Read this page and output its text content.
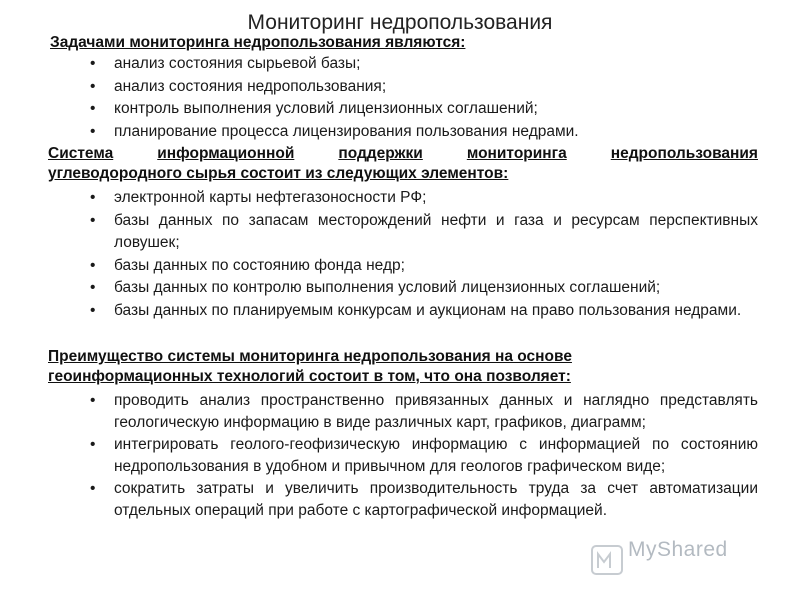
Мониторинг недропользования
Задачами мониторинга недропользования являются:
• анализ состояния сырьевой базы;
• анализ состояния недропользования;
• контроль выполнения условий лицензионных соглашений;
• планирование процесса лицензирования пользования недрами.
Система	информационной	поддержки	мониторинга	недропользования
углеводородного сырья состоит из следующих элементов:
• электронной карты нефтегазоносности РФ;
• базы данных по запасам месторождений нефти и газа и ресурсам перспективных ловушек;
• базы данных по состоянию фонда недр;
• базы данных по контролю выполнения условий лицензионных соглашений;
• базы данных по планируемым конкурсам и аукционам на право пользования недрами.
Преимущество системы мониторинга недропользования на основе
геоинформационных технологий состоит в том, что она позволяет:
• проводить анализ пространственно привязанных данных и наглядно представлять геологическую информацию в виде различных карт, графиков, диаграмм;
• интегрировать геолого-геофизическую информацию с информацией по состоянию недропользования в удобном и привычном для геологов графическом виде;
• сократить затраты и увеличить производительность труда за счет автоматизации отдельных операций при работе с картографической информацией.
MyShared
